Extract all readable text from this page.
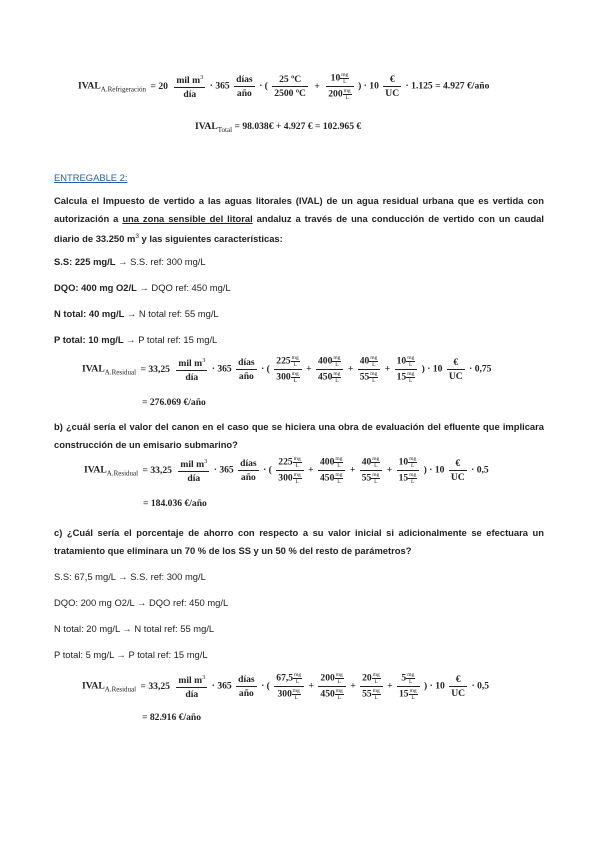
$IVAL_{A.Refrigeración} = 20 \frac{mil m^3}{\text{día}} \cdot 365 \frac{\text{días}}{\text{año}}$ · ( $\frac{\text{25 ºC}}{\text{2500 ºC}} + \frac{10 \frac{mg}{L}}{200 \frac{mg}{L}}$ ) · $10 \frac{€}{UC} \cdot 1.125 = 4.927$ €/año
$IVAL_{Total}$ = 98.038€ + 4.927 € = 102.965 €
ENTREGABLE 2:
Calcula el Impuesto de vertido a las aguas litorales (IVAL) de un agua residual urbana que es vertida con autorización a una zona sensible del litoral andaluz a través de una conducción de vertido con un caudal diario de 33.250 $m^3$ y las siguientes características:
S.S: 225 mg/L → S.S. ref: 300 mg/L
DQO: 400 mg O2/L → DQO ref: 450 mg/L
N total: 40 mg/L → N total ref: 55 mg/L
P total: 10 mg/L → P total ref: 15 mg/L
$IVAL_{A.Residual} = 33,25 \frac{mil m^3}{\text{día}} \cdot 365 \frac{\text{días}}{\text{año}}$ · ( $\frac{225 \frac{mg}{L}}{300 \frac{mg}{L}} + \frac{400 \frac{mg}{L}}{450 \frac{mg}{L}} + \frac{40 \frac{mg}{L}}{55 \frac{mg}{L}} + \frac{10 \frac{mg}{L}}{15 \frac{mg}{L}}$ ) · $10 \frac{€}{UC} \cdot 0,75$
= 276.069 €/año
b) ¿cuál sería el valor del canon en el caso que se hiciera una obra de evaluación del efluente que implicara construcción de un emisario submarino?
$IVAL_{A.Residual} = 33,25 \frac{mil m^3}{\text{día}} \cdot 365 \frac{\text{días}}{\text{año}}$ · ( $\frac{225 \frac{mg}{L}}{300 \frac{mg}{L}} + \frac{400 \frac{mg}{L}}{450 \frac{mg}{L}} + \frac{40 \frac{mg}{L}}{55 \frac{mg}{L}} + \frac{10 \frac{mg}{L}}{15 \frac{mg}{L}}$ ) · $10 \frac{€}{UC} \cdot 0,5$
= 184.036 €/año
c) ¿Cuál sería el porcentaje de ahorro con respecto a su valor inicial si adicionalmente se efectuara un tratamiento que eliminara un 70 % de los SS y un 50 % del resto de parámetros?
S.S: 67,5 mg/L → S.S. ref: 300 mg/L
DQO: 200 mg O2/L → DQO ref: 450 mg/L
N total: 20 mg/L → N total ref: 55 mg/L
P total: 5 mg/L → P total ref: 15 mg/L
$IVAL_{A.Residual} = 33,25 \frac{mil m^3}{\text{día}} \cdot 365 \frac{\text{días}}{\text{año}}$ · ( $\frac{67,5 \frac{mg}{L}}{300 \frac{mg}{L}} + \frac{200 \frac{mg}{L}}{450 \frac{mg}{L}} + \frac{20 \frac{mg}{L}}{55 \frac{mg}{L}} + \frac{5 \frac{mg}{L}}{15 \frac{mg}{L}}$ ) · $10 \frac{€}{UC} \cdot 0,5$
= 82.916 €/año
